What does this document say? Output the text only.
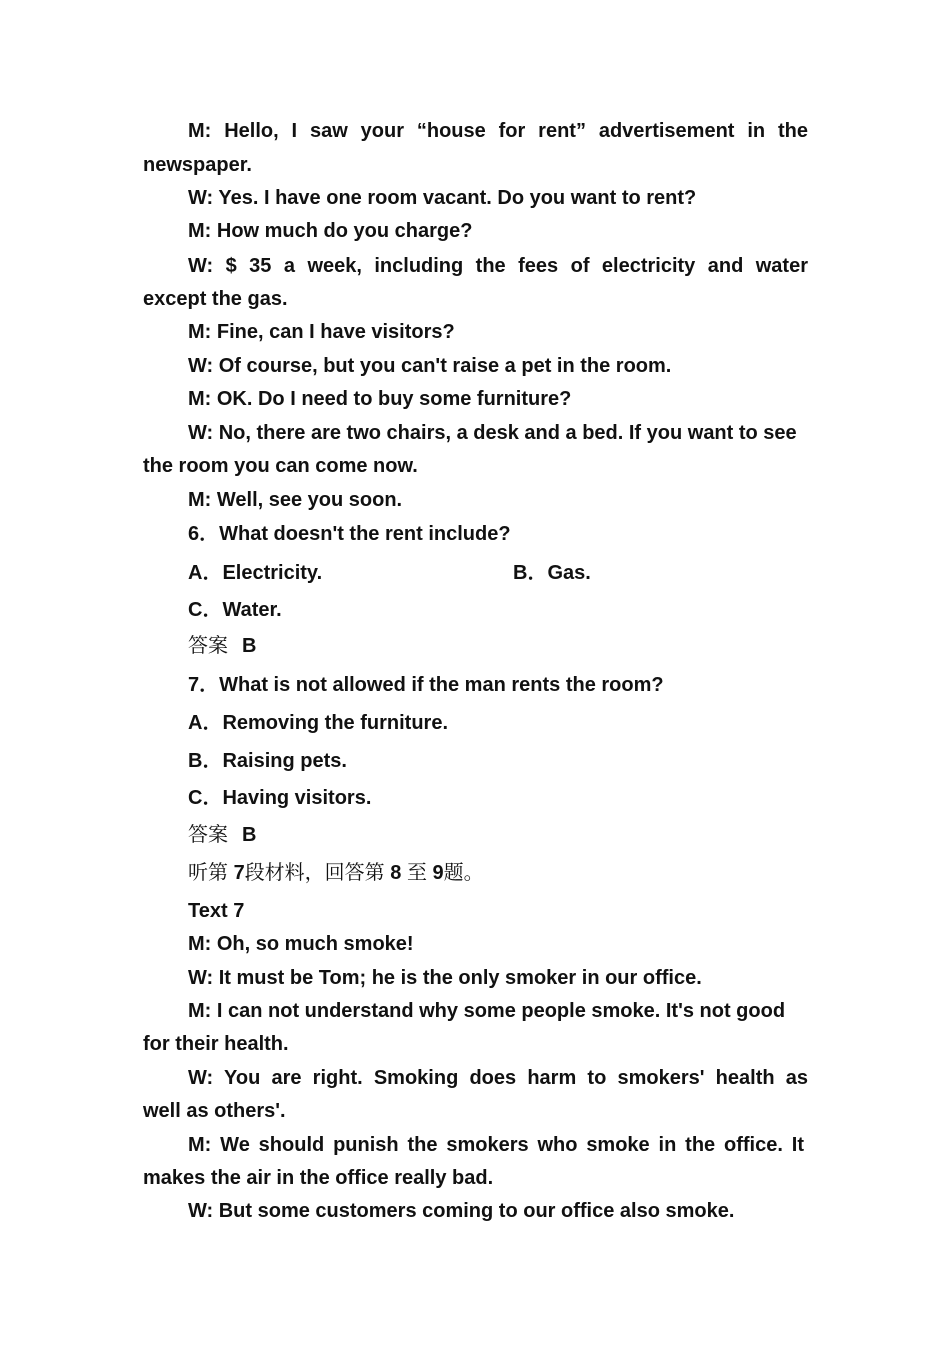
M: Hello, I saw your “house for rent” advertisement in the
newspaper.
W: Yes. I have one room vacant. Do you want to rent?
M: How much do you charge?
W: $ 35 a week, including the fees of electricity and water
except the gas.
M: Fine, can I have visitors?
W: Of course, but you can't raise a pet in the room.
M: OK. Do I need to buy some furniture?
W: No, there are two chairs, a desk and a bed. If you want to see
the room you can come now.
M: Well, see you soon.
6．What doesn't the rent include?
A．Electricity.	B．Gas.
C．Water.
答案 B
7．What is not allowed if the man rents the room?
A．Removing the furniture.
B．Raising pets.
C．Having visitors.
答案 B
听第 7段材料，回答第 8 至 9题。
Text 7
M: Oh, so much smoke!
W: It must be Tom; he is the only smoker in our office.
M: I can not understand why some people smoke. It's not good
for their health.
W: You are right. Smoking does harm to smokers' health as
well as others'.
M: We should punish the smokers who smoke in the office. It
makes the air in the office really bad.
W: But some customers coming to our office also smoke.
